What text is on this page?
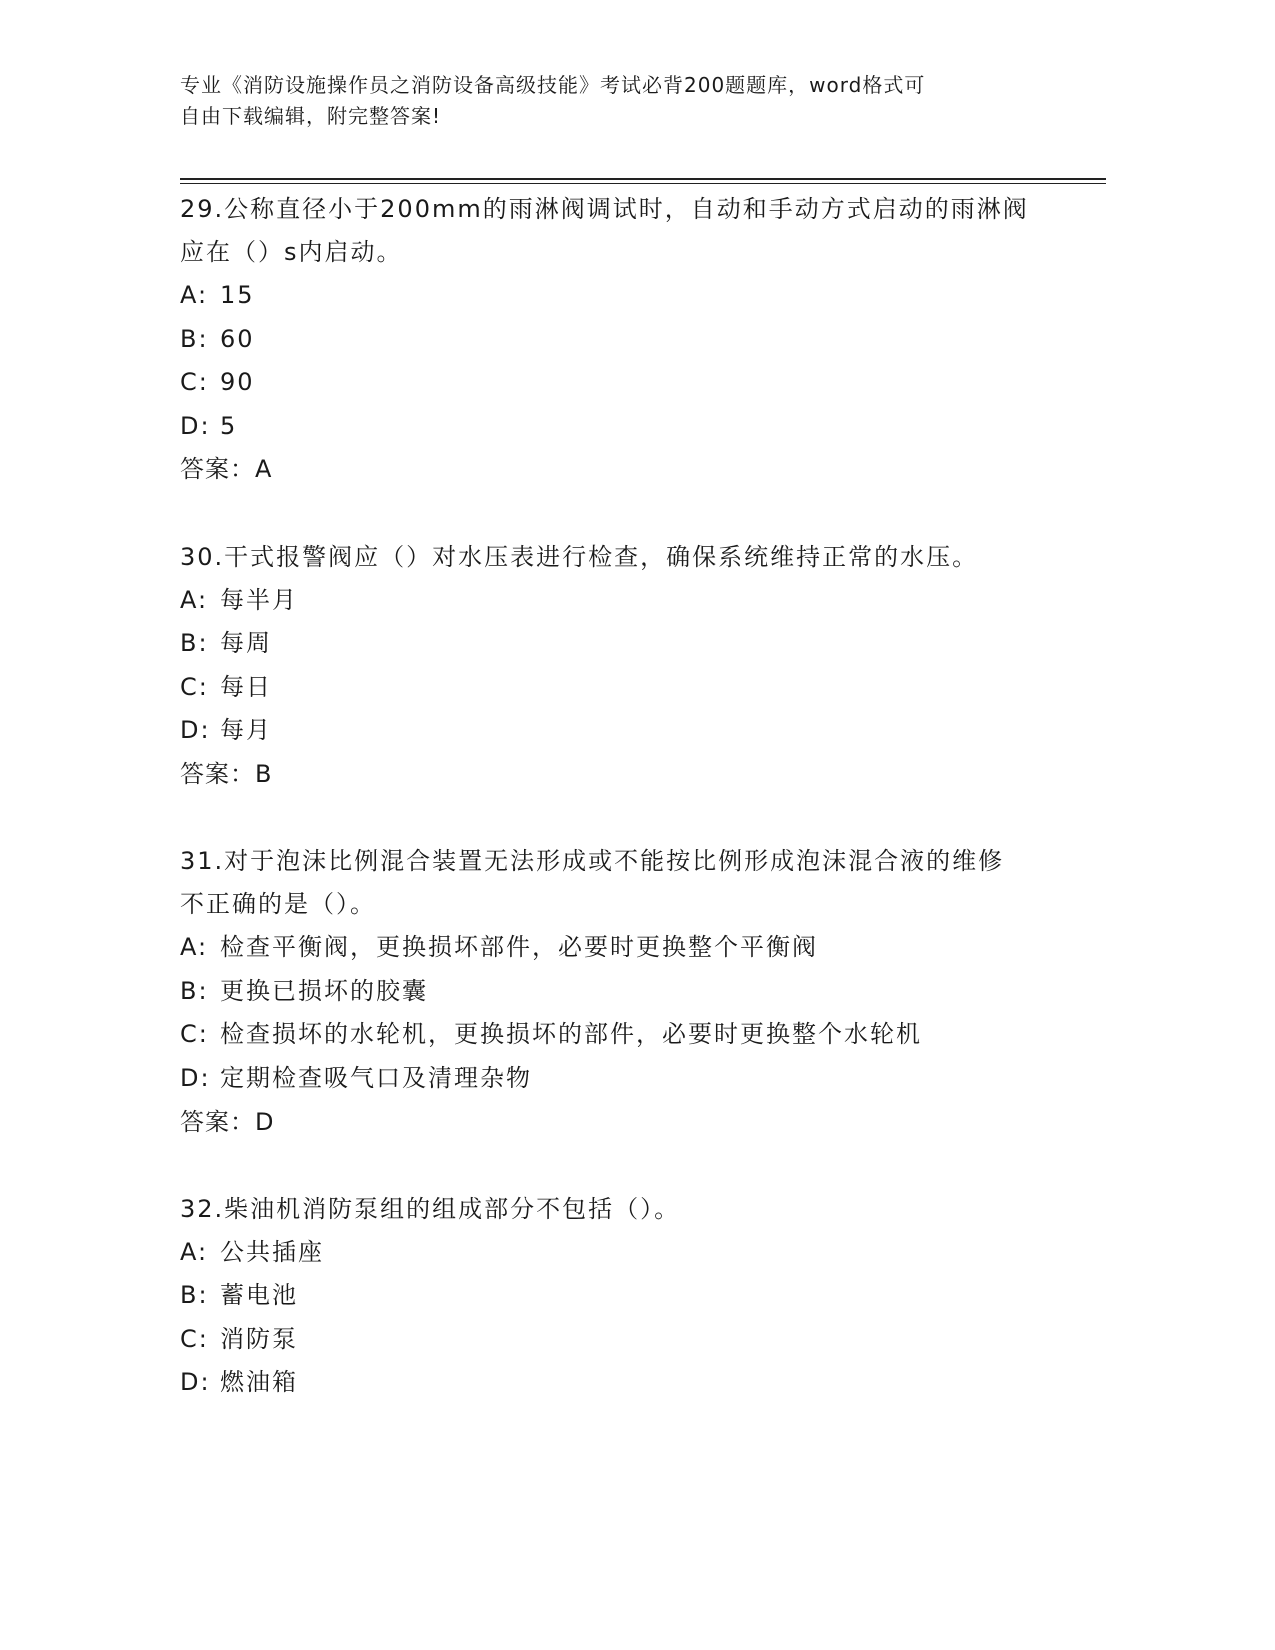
专业《消防设施操作员之消防设备高级技能》考试必背200题题库，word格式可
自由下载编辑，附完整答案!

29.公称直径小于200mm的雨淋阀调试时，自动和手动方式启动的雨淋阀应在（）s内启动。

A: 15
B: 60
C: 90
D: 5
答案：A

30.干式报警阀应（）对水压表进行检查，确保系统维持正常的水压。

A: 每半月
B: 每周
C: 每日
D: 每月
答案：B

31.对于泡沫比例混合装置无法形成或不能按比例形成泡沫混合液的维修不正确的是（）。

A: 检查平衡阀，更换损坏部件，必要时更换整个平衡阀
B: 更换已损坏的胶囊
C: 检查损坏的水轮机，更换损坏的部件，必要时更换整个水轮机
D: 定期检查吸气口及清理杂物
答案：D

32.柴油机消防泵组的组成部分不包括（）。

A: 公共插座
B: 蓄电池
C: 消防泵
D: 燃油箱
